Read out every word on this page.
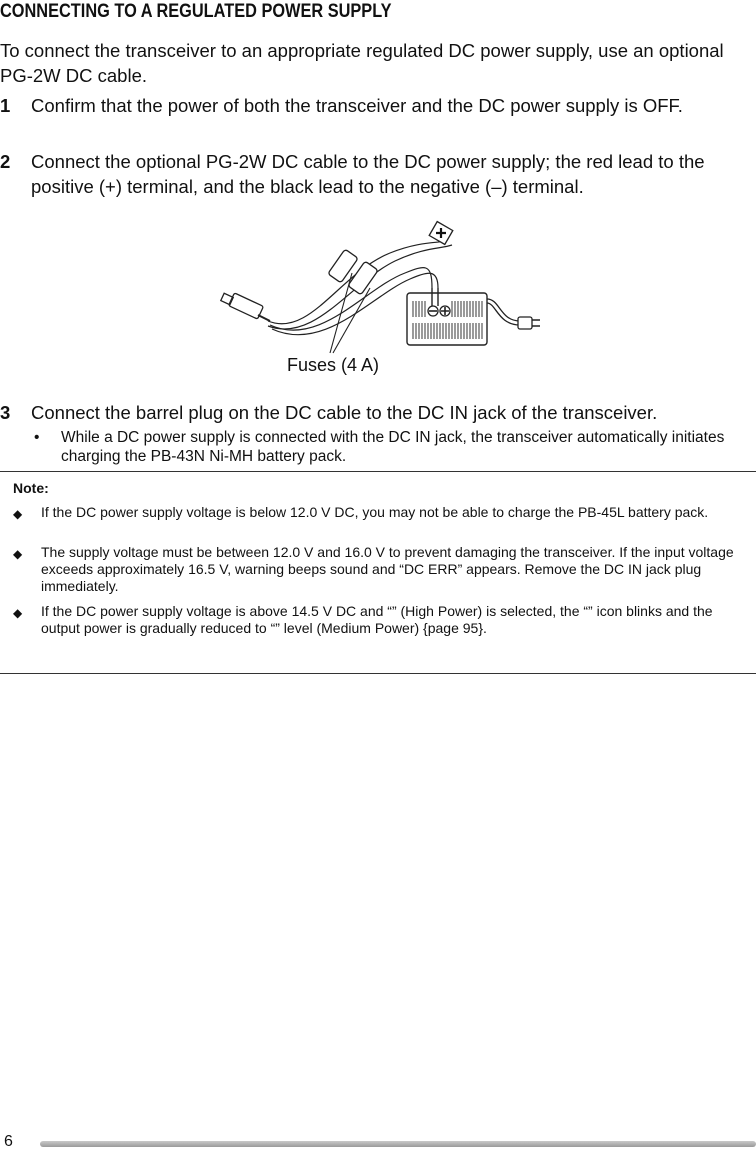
CONNECTING TO A REGULATED POWER SUPPLY
To connect the transceiver to an appropriate regulated DC power supply, use an optional PG-2W DC cable.
1 Confirm that the power of both the transceiver and the DC power supply is OFF.
2 Connect the optional PG-2W DC cable to the DC power supply; the red lead to the positive (+) terminal, and the black lead to the negative (–) terminal.
Fuses (4 A)
3 Connect the barrel plug on the DC cable to the DC IN jack of the transceiver.
• While a DC power supply is connected with the DC IN jack, the transceiver automatically initiates charging the PB-43N Ni-MH battery pack.
Note:
◆ If the DC power supply voltage is below 12.0 V DC, you may not be able to charge the PB-45L battery pack.
◆ The supply voltage must be between 12.0 V and 16.0 V to prevent damaging the transceiver. If the input voltage exceeds approximately 16.5 V, warning beeps sound and “DC ERR” appears. Remove the DC IN jack plug immediately.
◆ If the DC power supply voltage is above 14.5 V DC and “” (High Power) is selected, the “” icon blinks and the output power is gradually reduced to “” level (Medium Power) {page 95}.
6
